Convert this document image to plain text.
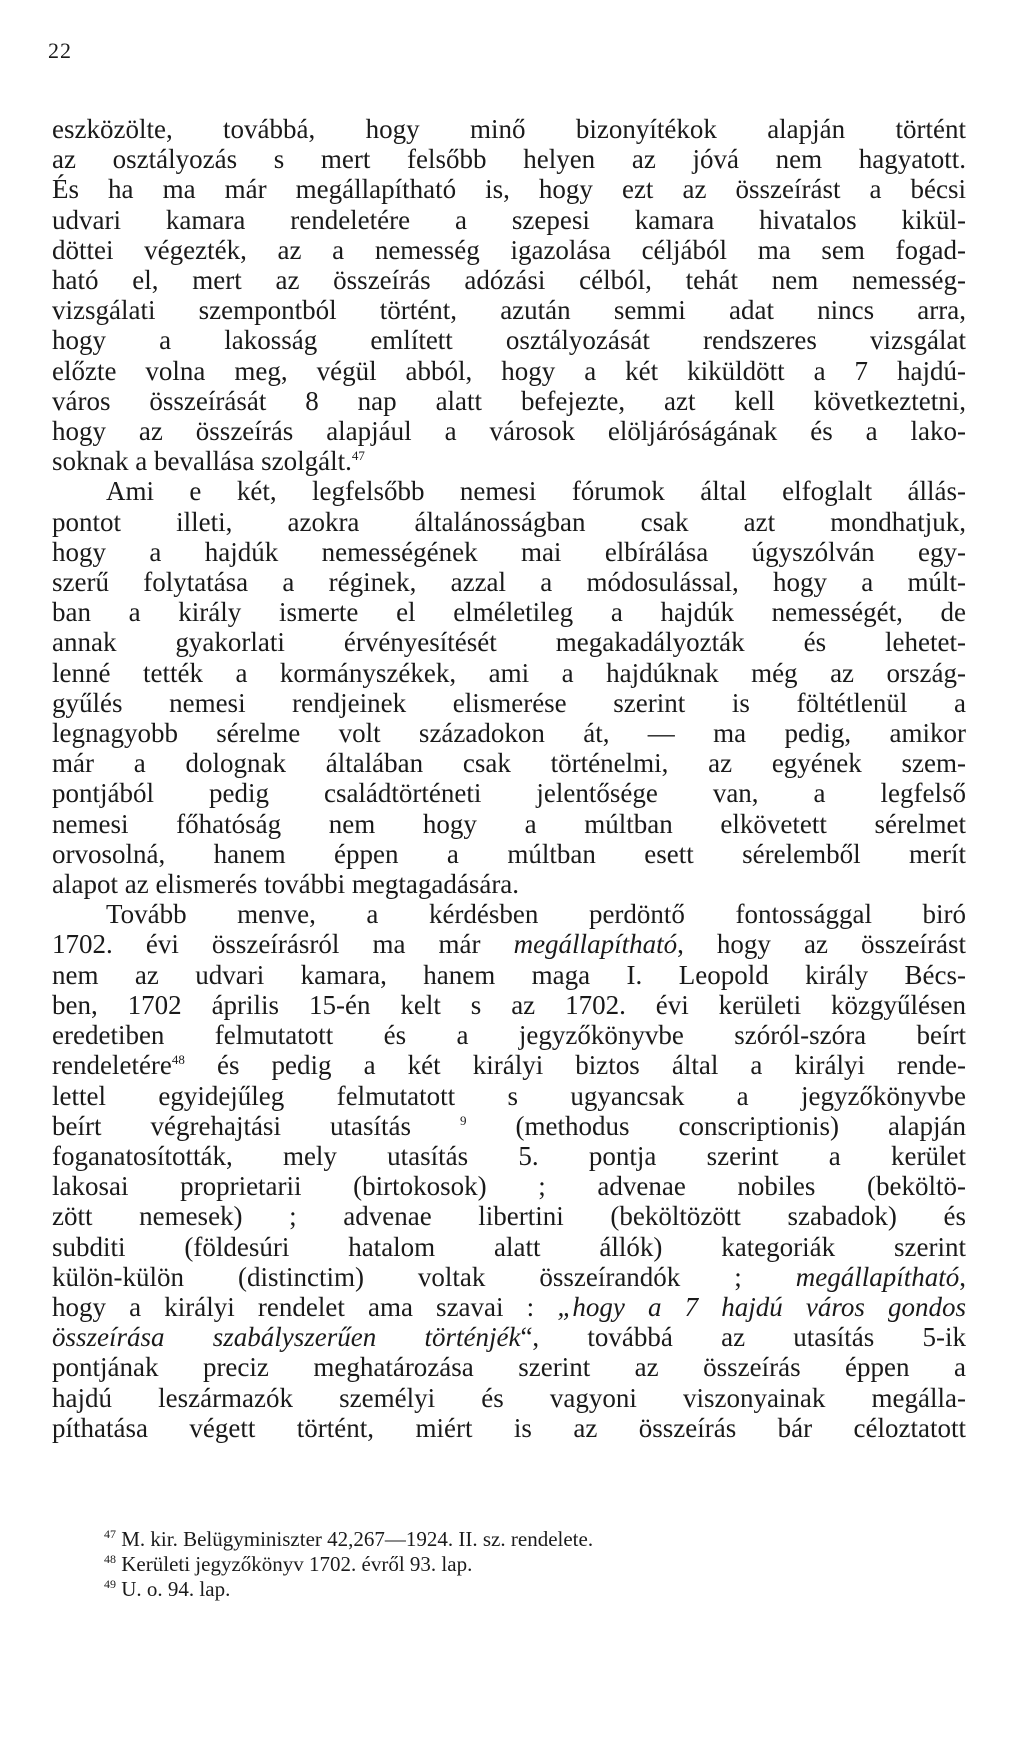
22
eszközölte, továbbá, hogy minő bizonyítékok alapján történt
az osztályozás s mert felsőbb helyen az jóvá nem hagyatott.
És ha ma már megállapítható is, hogy ezt az összeírást a bécsi
udvari kamara rendeletére a szepesi kamara hivatalos kikül-
döttei végezték, az a nemesség igazolása céljából ma sem fogad-
ható el, mert az összeírás adózási célból, tehát nem nemesség-
vizsgálati szempontból történt, azután semmi adat nincs arra,
hogy a lakosság említett osztályozását rendszeres vizsgálat
előzte volna meg, végül abból, hogy a két kiküldött a 7 hajdú-
város összeírását 8 nap alatt befejezte, azt kell következtetni,
hogy az összeírás alapjául a városok elöljáróságának és a lako-
soknak a bevallása szolgált.$^{47}$
Ami e két, legfelsőbb nemesi fórumok által elfoglalt állás-
pontot illeti, azokra általánosságban csak azt mondhatjuk,
hogy a hajdúk nemességének mai elbírálása úgyszólván egy-
szerű folytatása a réginek, azzal a módosulással, hogy a múlt-
ban a király ismerte el elméletileg a hajdúk nemességét, de
annak gyakorlati érvényesítését megakadályozták és lehetet-
lenné tették a kormányszékek, ami a hajdúknak még az ország-
gyűlés nemesi rendjeinek elismerése szerint is föltétlenül a
legnagyobb sérelme volt századokon át, — ma pedig, amikor
már a dolognak általában csak történelmi, az egyének szem-
pontjából pedig családtörténeti jelentősége van, a legfelső
nemesi főhatóság nem hogy a múltban elkövetett sérelmet
orvosolná, hanem éppen a múltban esett sérelemből merít
alapot az elismerés további megtagadására.
Tovább menve, a kérdésben perdöntő fontossággal biró
1702. évi összeírásról ma már megállapítható, hogy az összeírást
nem az udvari kamara, hanem maga I. Leopold király Bécs-
ben, 1702 április 15-én kelt s az 1702. évi kerületi közgyűlésen
eredetiben felmutatott és a jegyzőkönyvbe szóról-szóra beírt
rendeletére$^{48}$ és pedig a két királyi biztos által a királyi rende-
lettel egyidejűleg felmutatott s ugyancsak a jegyzőkönyvbe
beírt végrehajtási utasítás $^9$ (methodus conscriptionis) alapján
foganatosították, mely utasítás 5. pontja szerint a kerület
lakosai proprietarii (birtokosok) ; advenae nobiles (beköltö-
zött nemesek) ; advenae libertini (beköltözött szabadok) és
subditi (földesúri hatalom alatt állók) kategoriák szerint
külön-külön (distinctim) voltak összeírandók ; megállapítható,
hogy a királyi rendelet ama szavai : „hogy a 7 hajdú város gondos
összeírása szabályszerűen történjék“, továbbá az utasítás 5-ik
pontjának preciz meghatározása szerint az összeírás éppen a
hajdú leszármazók személyi és vagyoni viszonyainak megálla-
píthatása végett történt, miért is az összeírás bár céloztatott
$^{47}$ M. kir. Belügyminiszter 42,267—1924. II. sz. rendelete.
$^{48}$ Kerületi jegyzőkönyv 1702. évről 93. lap.
$^{49}$ U. o. 94. lap.
